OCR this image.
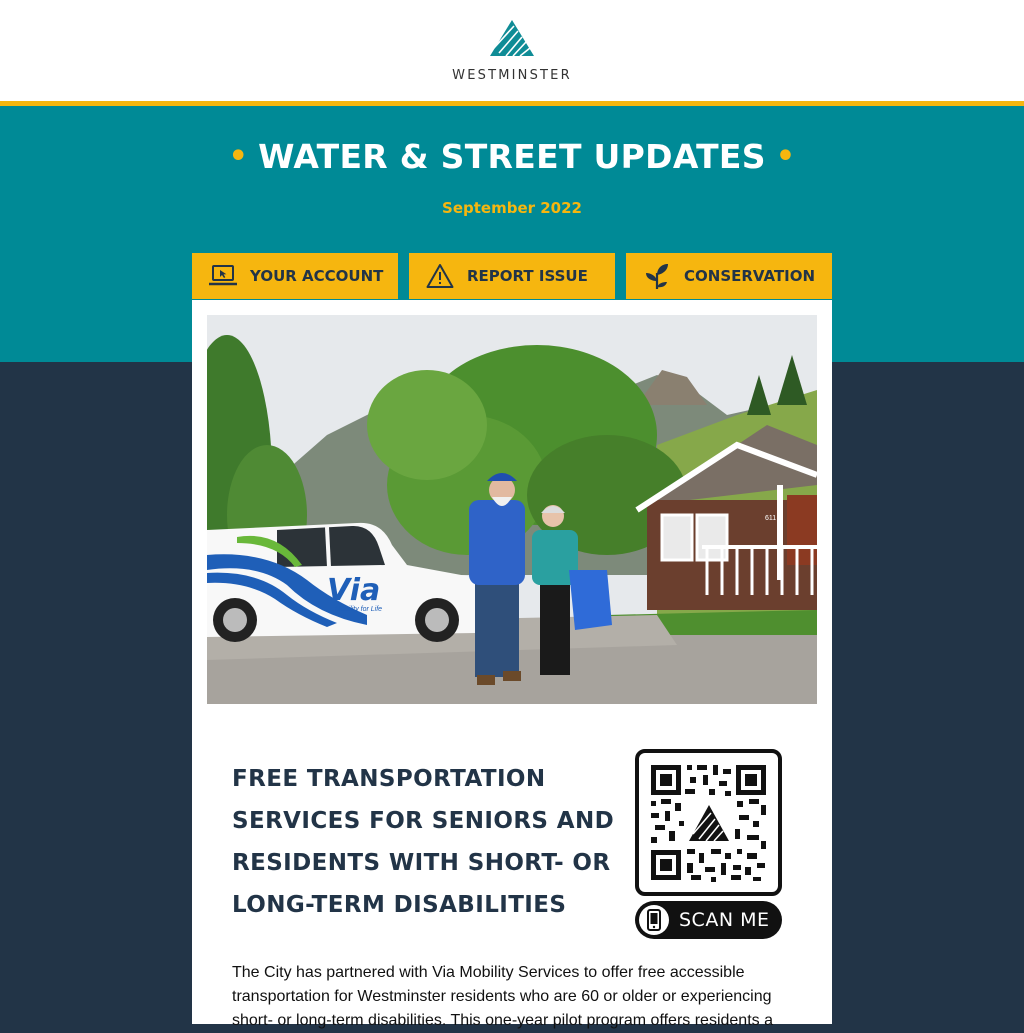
WESTMINSTER
• WATER & STREET UPDATES •
September 2022
YOUR ACCOUNT	REPORT ISSUE	CONSERVATION
611
Via
Mobility for Life
FREE TRANSPORTATION SERVICES FOR SENIORS AND RESIDENTS WITH SHORT- OR LONG-TERM DISABILITIES
SCAN ME
The City has partnered with Via Mobility Services to offer free accessible transportation for Westminster residents who are 60 or older or experiencing short- or long-term disabilities. This one-year pilot program offers residents a
